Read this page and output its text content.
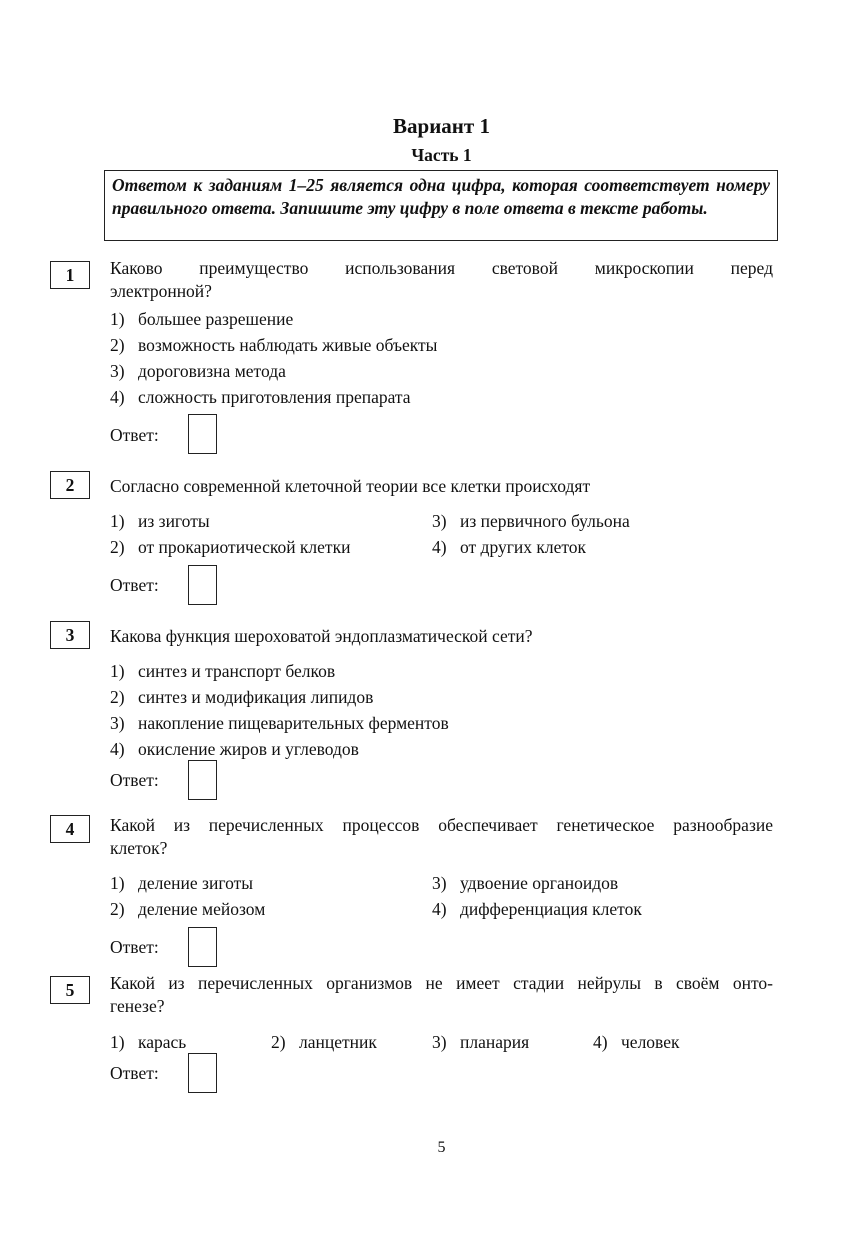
Вариант 1
Часть 1
Ответом к заданиям 1–25 является одна цифра, которая соответствует номеру правильного ответа. Запишите эту цифру в поле ответа в тексте работы.
1	Каково преимущество использования световой микроскопии перед
электронной?
1) большее разрешение
2) возможность наблюдать живые объекты
3) дороговизна метода
4) сложность приготовления препарата
Ответ:
2	Согласно современной клеточной теории все клетки происходят
1) из зиготы
2) от прокариотической клетки
3) из первичного бульона
4) от других клеток
Ответ:
3	Какова функция шероховатой эндоплазматической сети?
1) синтез и транспорт белков
2) синтез и модификация липидов
3) накопление пищеварительных ферментов
4) окисление жиров и углеводов
Ответ:
4	Какой из перечисленных процессов обеспечивает генетическое разнообразие
клеток?
1) деление зиготы
2) деление мейозом
3) удвоение органоидов
4) дифференциация клеток
Ответ:
5	Какой из перечисленных организмов не имеет стадии нейрулы в своём онто-
генезе?
1) карась	2) ланцетник	3) планария	4) человек
Ответ:
5
